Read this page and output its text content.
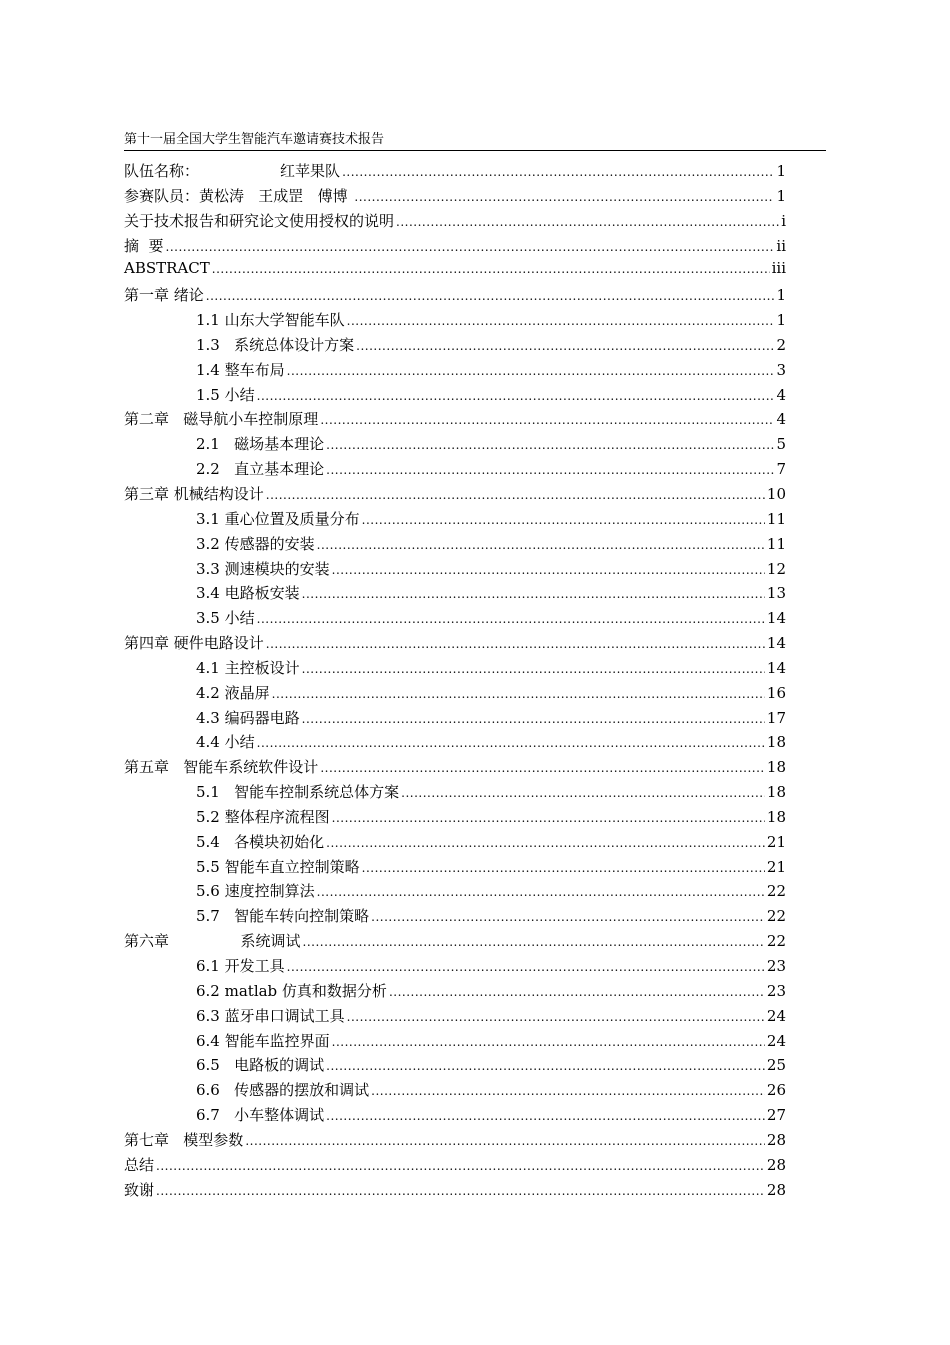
第十一届全国大学生智能汽车邀请赛技术报告
队伍名称：                 红苹果队 .....	1
参赛队员：黄松涛   王成罡   傅博 .....	1
关于技术报告和研究论文使用授权的说明 .....	i
摘  要 .....	ii
ABSTRACT .....	iii
第一章 绪论 .....	1
1.1 山东大学智能车队 .....	1
1.3   系统总体设计方案 .....	2
1.4 整车布局 .....	3
1.5 小结 .....	4
第二章   磁导航小车控制原理 .....	4
2.1   磁场基本理论 .....	5
2.2   直立基本理论 .....	7
第三章 机械结构设计 .....	10
3.1 重心位置及质量分布 .....	11
3.2 传感器的安装 .....	11
3.3 测速模块的安装 .....	12
3.4 电路板安装 .....	13
3.5 小结 .....	14
第四章 硬件电路设计 .....	14
4.1 主控板设计 .....	14
4.2 液晶屏 .....	16
4.3 编码器电路 .....	17
4.4 小结 .....	18
第五章   智能车系统软件设计 .....	18
5.1   智能车控制系统总体方案 .....	18
5.2 整体程序流程图 .....	18
5.4   各模块初始化 .....	21
5.5 智能车直立控制策略 .....	21
5.6 速度控制算法 .....	22
5.7   智能车转向控制策略 .....	22
第六章               系统调试 .....	22
6.1 开发工具 .....	23
6.2 matlab 仿真和数据分析 .....	23
6.3 蓝牙串口调试工具 .....	24
6.4 智能车监控界面 .....	24
6.5   电路板的调试 .....	25
6.6   传感器的摆放和调试 .....	26
6.7   小车整体调试 .....	27
第七章   模型参数 .....	28
总结 .....	28
致谢 .....	28
